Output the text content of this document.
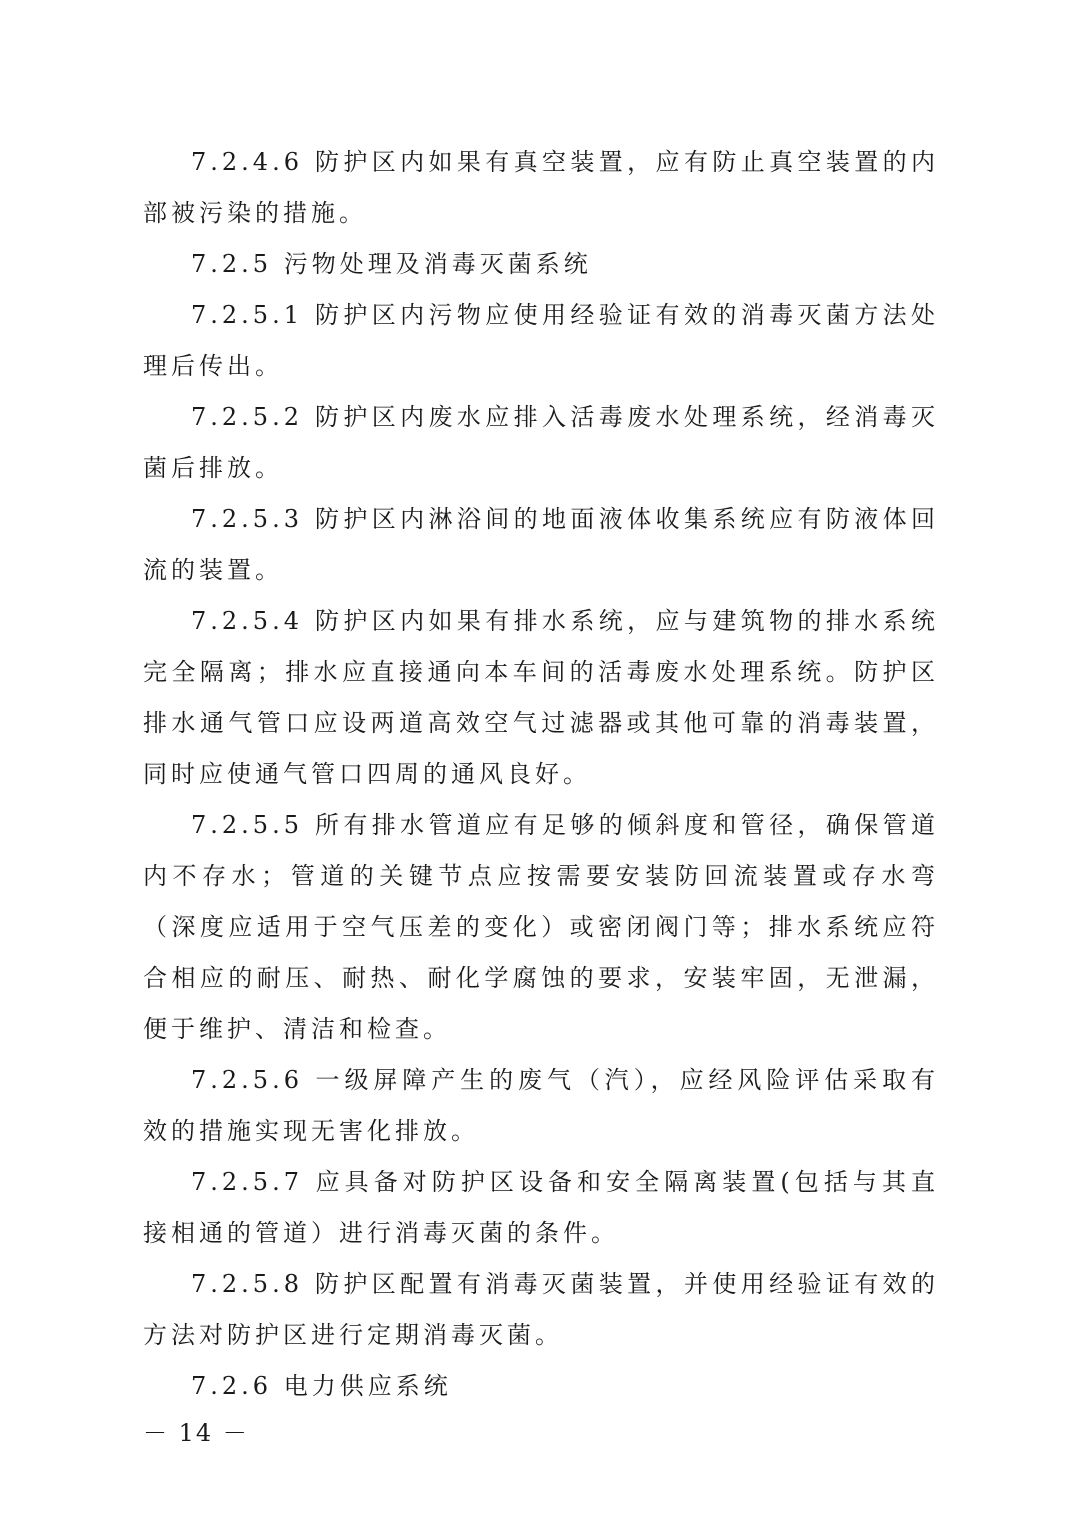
7.2.4.6 防护区内如果有真空装置，应有防止真空装置的内部被污染的措施。

7.2.5 污物处理及消毒灭菌系统

7.2.5.1 防护区内污物应使用经验证有效的消毒灭菌方法处理后传出。

7.2.5.2 防护区内废水应排入活毒废水处理系统，经消毒灭菌后排放。

7.2.5.3 防护区内淋浴间的地面液体收集系统应有防液体回流的装置。

7.2.5.4 防护区内如果有排水系统，应与建筑物的排水系统完全隔离；排水应直接通向本车间的活毒废水处理系统。防护区排水通气管口应设两道高效空气过滤器或其他可靠的消毒装置，同时应使通气管口四周的通风良好。

7.2.5.5 所有排水管道应有足够的倾斜度和管径，确保管道内不存水；管道的关键节点应按需要安装防回流装置或存水弯（深度应适用于空气压差的变化）或密闭阀门等；排水系统应符合相应的耐压、耐热、耐化学腐蚀的要求，安装牢固，无泄漏，便于维护、清洁和检查。

7.2.5.6 一级屏障产生的废气（汽），应经风险评估采取有效的措施实现无害化排放。

7.2.5.7 应具备对防护区设备和安全隔离装置(包括与其直接相通的管道）进行消毒灭菌的条件。

7.2.5.8 防护区配置有消毒灭菌装置，并使用经验证有效的方法对防护区进行定期消毒灭菌。

7.2.6 电力供应系统

－ 14 －
